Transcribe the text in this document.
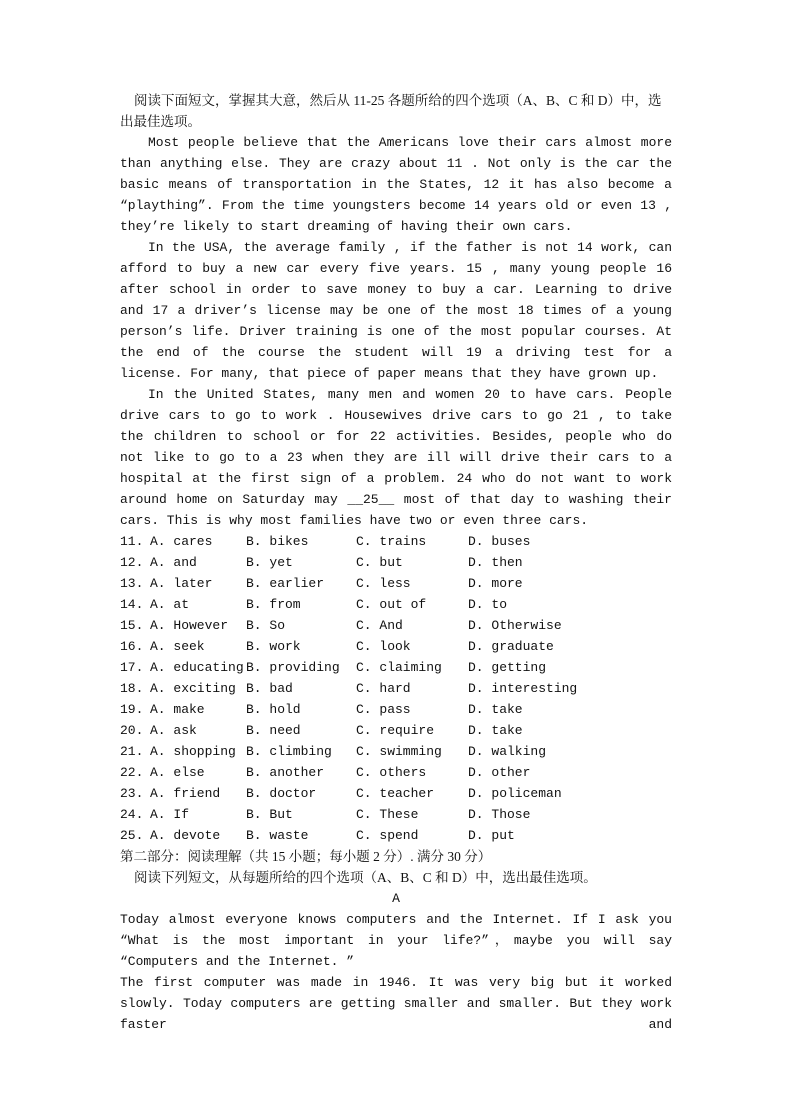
阅读下面短文，掌握其大意，然后从 11-25 各题所给的四个选项（A、B、C 和 D）中，选出最佳选项。

Most people believe that the Americans love their cars almost more than anything else. They are crazy about 11 . Not only is the car the basic means of transportation in the States, 12 it has also become a “plaything”. From the time youngsters become 14 years old or even 13 , they’re likely to start dreaming of having their own cars.

In the USA, the average family , if the father is not 14 work, can afford to buy a new car every five years. 15 , many young people 16 after school in order to save money to buy a car. Learning to drive and 17 a driver’s license may be one of the most 18 times of a young person’s life. Driver training is one of the most popular courses. At the end of the course the student will 19 a driving test for a license. For many, that piece of paper means that they have grown up.

In the United States, many men and women 20 to have cars. People drive cars to go to work . Housewives drive cars to go 21 , to take the children to school or for 22 activities. Besides, people who do not like to go to a 23 when they are ill will drive their cars to a hospital at the first sign of a problem. 24 who do not want to work around home on Saturday may __25__ most of that day to washing their cars. This is why most families have two or even three cars.

11. A. cares	B. bikes	C. trains	D. buses
12. A. and	B. yet	C. but	D. then
13. A. later	B. earlier	C. less	D. more
14. A. at	B. from	C. out of	D. to
15. A. However	B. So	C. And	D. Otherwise
16. A. seek	B. work	C. look	D. graduate
17. A. educating B. providing	C. claiming	D. getting
18. A. exciting B. bad	C. hard	D. interesting
19. A. make	B. hold	C. pass	D. take
20. A. ask	B. need	C. require	D. take
21. A. shopping B. climbing	C. swimming	D. walking
22. A. else	B. another	C. others	D. other
23. A. friend	B. doctor	C. teacher	D. policeman
24. A. If	B. But	C. These	D. Those
25. A. devote	B. waste	C. spend	D. put

第二部分：阅读理解（共 15 小题；每小题 2 分）. 满分 30 分）

阅读下列短文，从每题所给的四个选项（A、B、C 和 D）中，选出最佳选项。

A

Today almost everyone knows computers and the Internet. If I ask you “What is the most important in your life?”，maybe you will say “Computers and the Internet. ”

The first computer was made in 1946. It was very big but it worked slowly. Today computers are getting smaller and smaller. But they work faster and
